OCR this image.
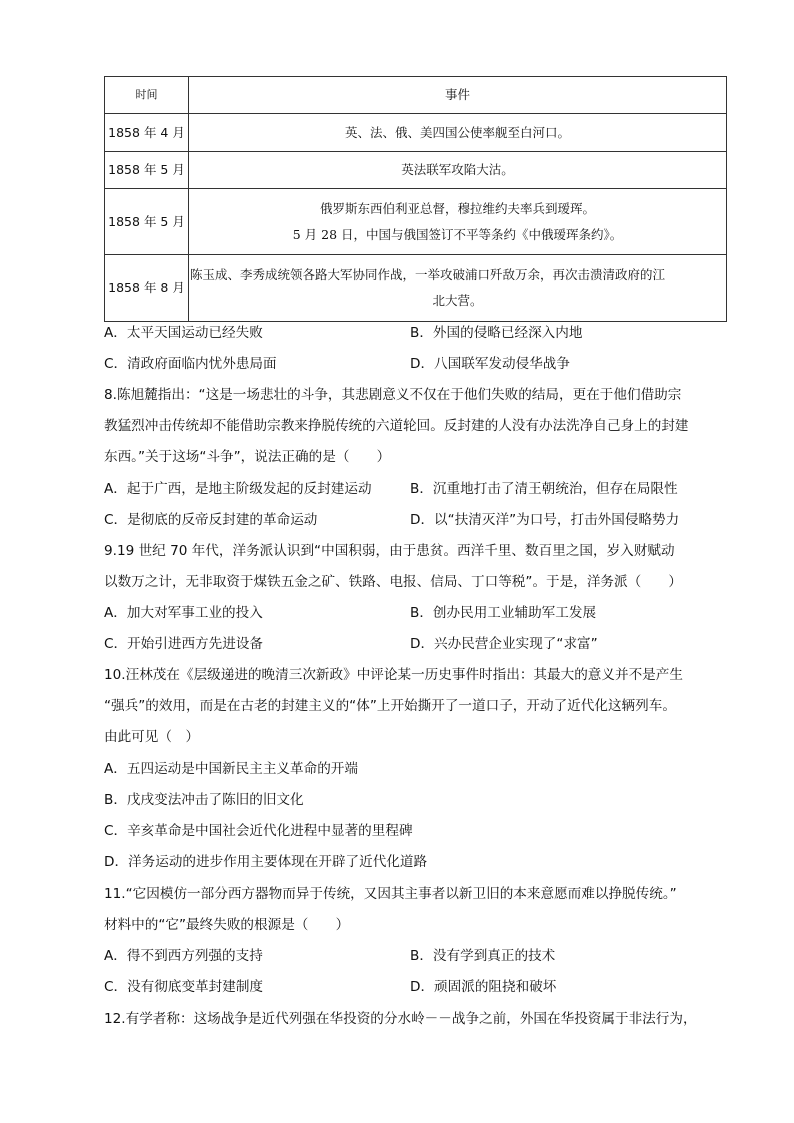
时间	事件
1858 年 4 月	英、法、俄、美四国公使率舰至白河口。

1858 年 5 月	英法联军攻陷大沽。

1858 年 5 月	俄罗斯东西伯利亚总督，穆拉维约夫率兵到瑷珲。
5 月 28 日，中国与俄国签订不平等条约《中俄瑷珲条约》。

1858 年 8 月	陈玉成、李秀成统领各路大军协同作战，一举攻破浦口歼敌万余，再次击溃清政府的江
北大营。
A．太平天国运动已经失败	B．外国的侵略已经深入内地
C．清政府面临内忧外患局面	D．八国联军发动侵华战争
8.陈旭麓指出：“这是一场悲壮的斗争，其悲剧意义不仅在于他们失败的结局，更在于他们借助宗
教猛烈冲击传统却不能借助宗教来挣脱传统的六道轮回。反封建的人没有办法洗净自己身上的封建
东西。”关于这场“斗争”，说法正确的是（　　）
A．起于广西，是地主阶级发起的反封建运动	B．沉重地打击了清王朝统治，但存在局限性
C．是彻底的反帝反封建的革命运动	D．以“扶清灭洋”为口号，打击外国侵略势力
9.19 世纪 70 年代，洋务派认识到“中国积弱，由于患贫。西洋千里、数百里之国，岁入财赋动
以数万之计，无非取资于煤铁五金之矿、铁路、电报、信局、丁口等税”。于是，洋务派（　　）
A．加大对军事工业的投入	B．创办民用工业辅助军工发展
C．开始引进西方先进设备	D．兴办民营企业实现了“求富”
10.汪林茂在《层级递进的晚清三次新政》中评论某一历史事件时指出：其最大的意义并不是产生
“强兵”的效用，而是在古老的封建主义的“体”上开始撕开了一道口子，开动了近代化这辆列车。
由此可见（　）
A．五四运动是中国新民主主义革命的开端
B．戊戌变法冲击了陈旧的旧文化
C．辛亥革命是中国社会近代化进程中显著的里程碑
D．洋务运动的进步作用主要体现在开辟了近代化道路
11.“它因模仿一部分西方器物而异于传统，又因其主事者以新卫旧的本来意愿而难以挣脱传统。”
材料中的“它”最终失败的根源是（　　）
A．得不到西方列强的支持	B．没有学到真正的技术
C．没有彻底变革封建制度	D．顽固派的阻挠和破坏
12.有学者称：这场战争是近代列强在华投资的分水岭－－战争之前，外国在华投资属于非法行为，
